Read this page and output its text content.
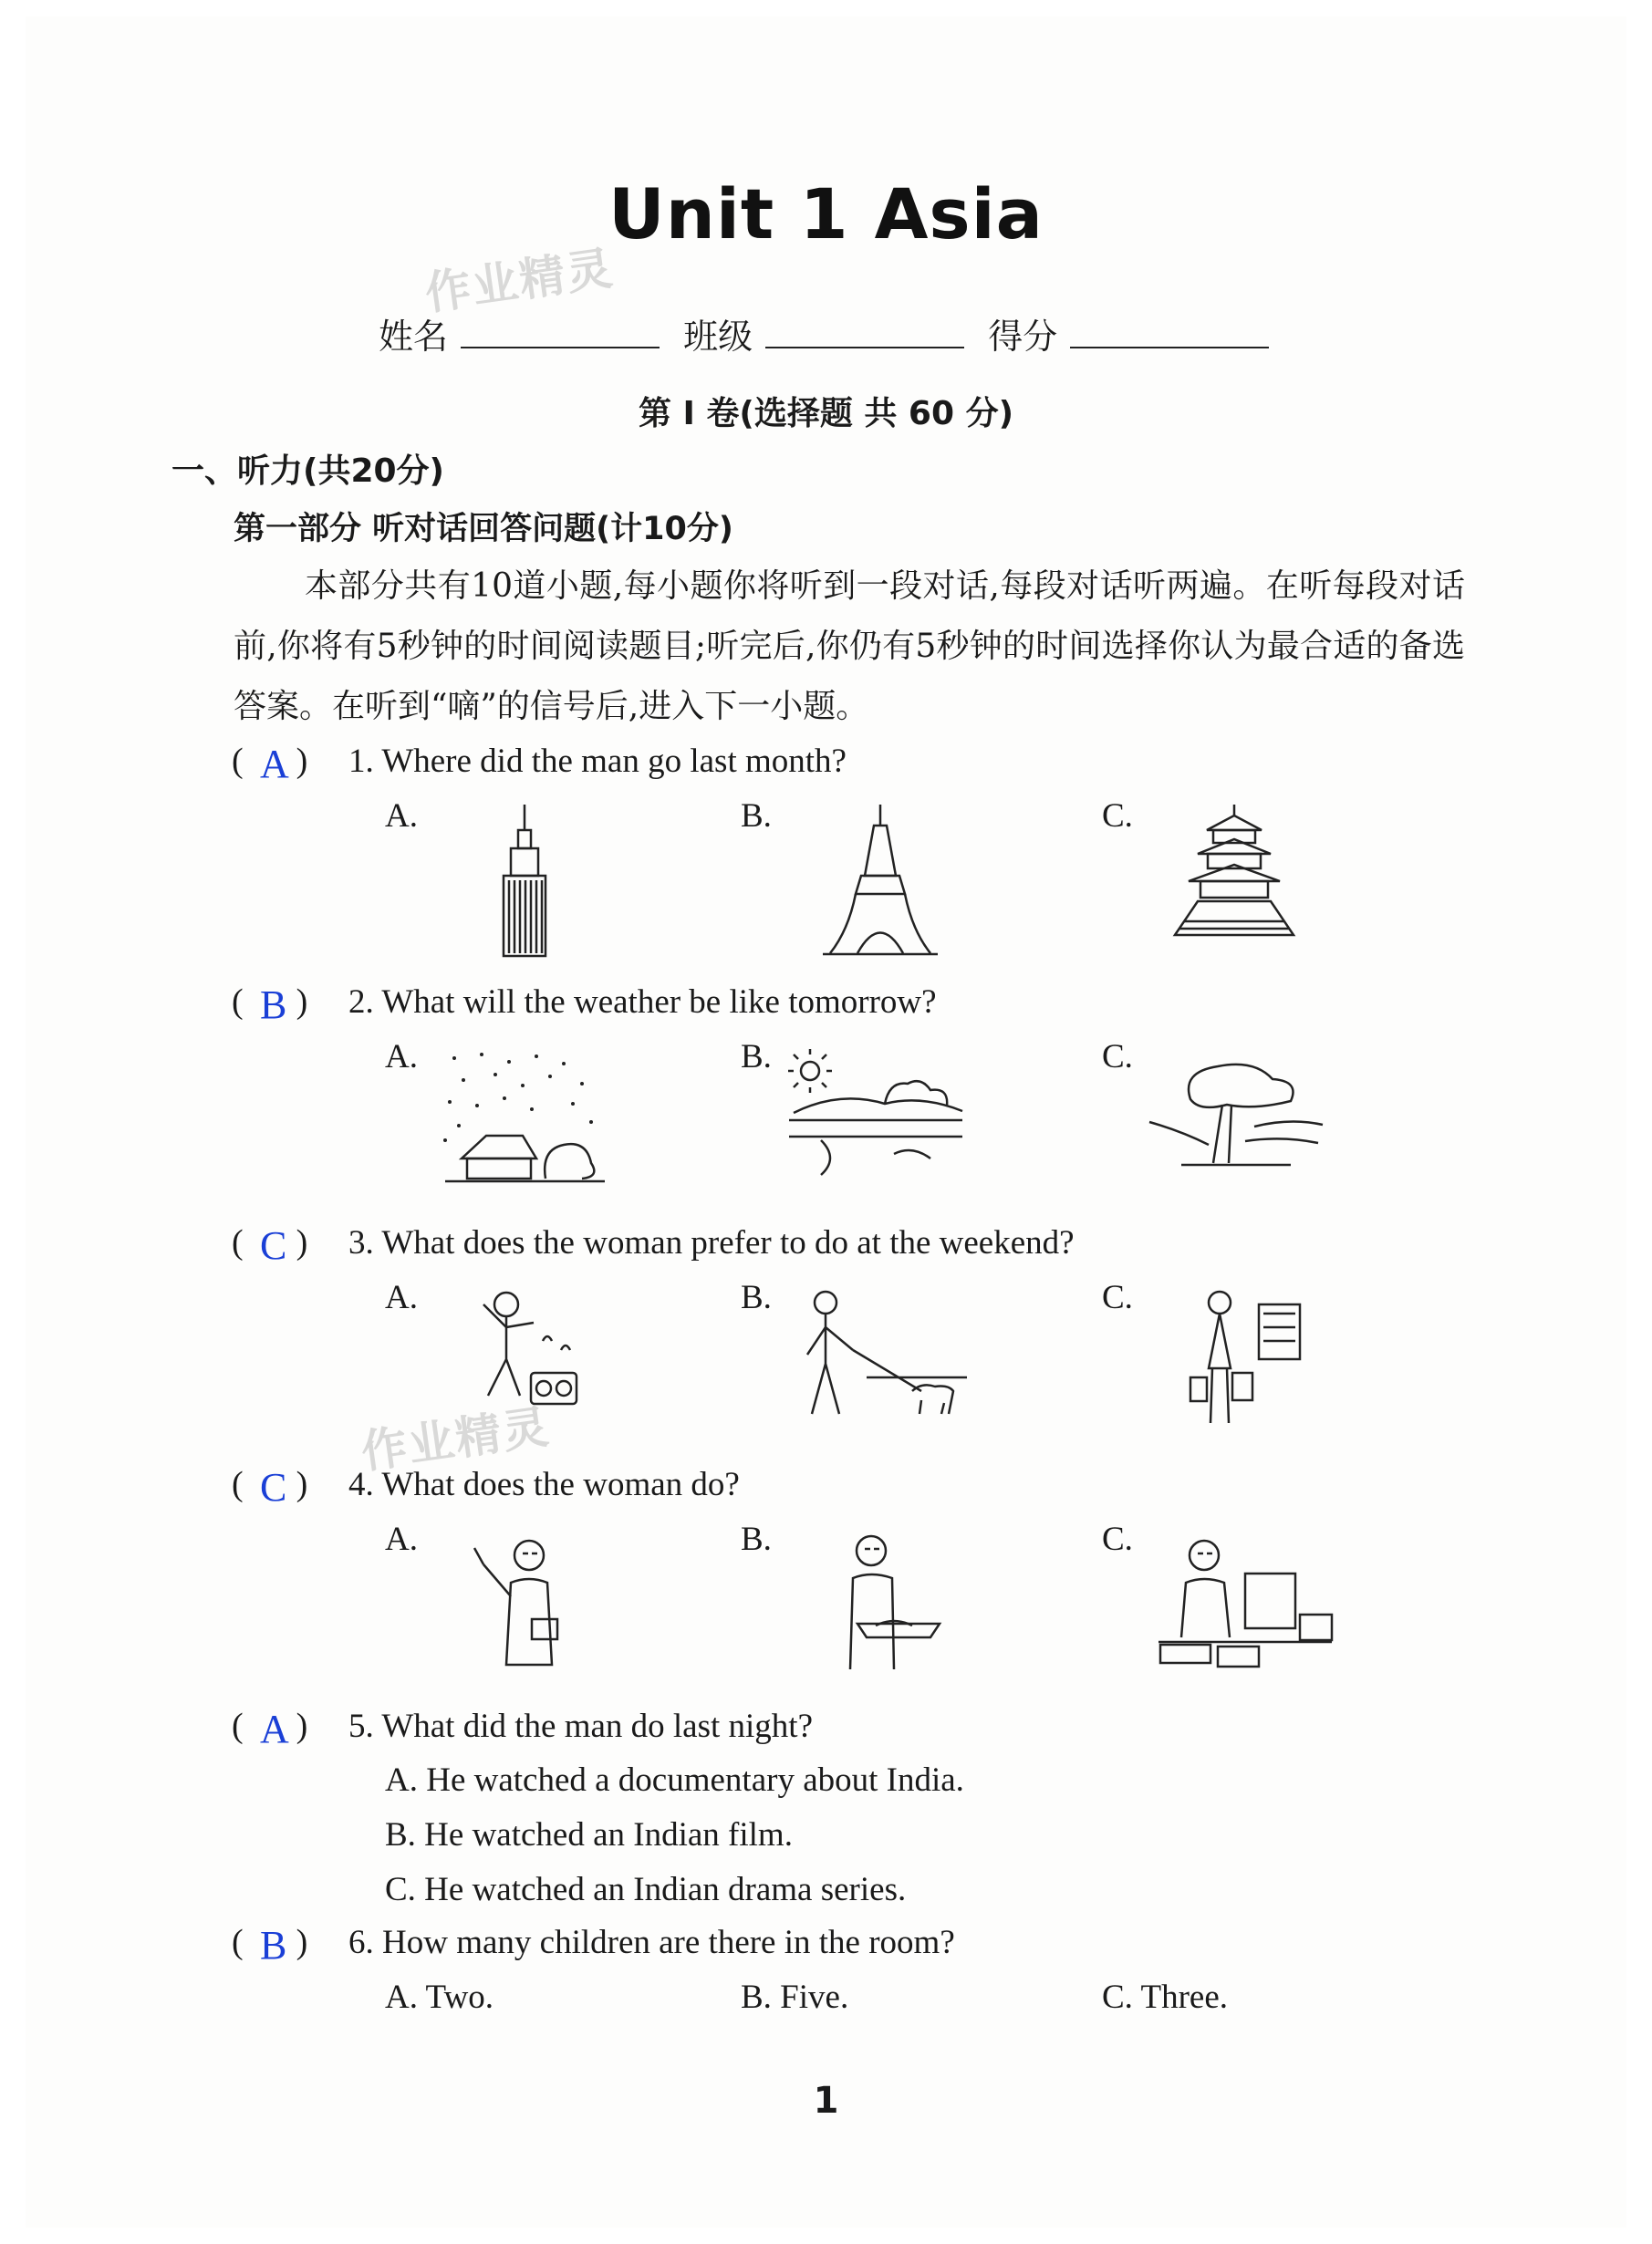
Unit 1 Asia
作业精灵
姓名	班级	得分
第 I 卷(选择题 共 60 分)
一、听力(共20分)
第一部分 听对话回答问题(计10分)
本部分共有10道小题,每小题你将听到一段对话,每段对话听两遍。在听每段对话前,你将有5秒钟的时间阅读题目;听完后,你仍有5秒钟的时间选择你认为最合适的备选答案。在听到“嘀”的信号后,进入下一小题。
( )
A 1. Where did the man go last month?
A.	B.	C.
( )
B 2. What will the weather be like tomorrow?
A.	B.	C.
( )
C 3. What does the woman prefer to do at the weekend?
A.	B.	C.
作业精灵
( )
C 4. What does the woman do?
A.	B.	C.
( )
A 5. What did the man do last night?
A. He watched a documentary about India.
B. He watched an Indian film.
C. He watched an Indian drama series.
( )
B 6. How many children are there in the room?
A. Two.	B. Five.	C. Three.
1
